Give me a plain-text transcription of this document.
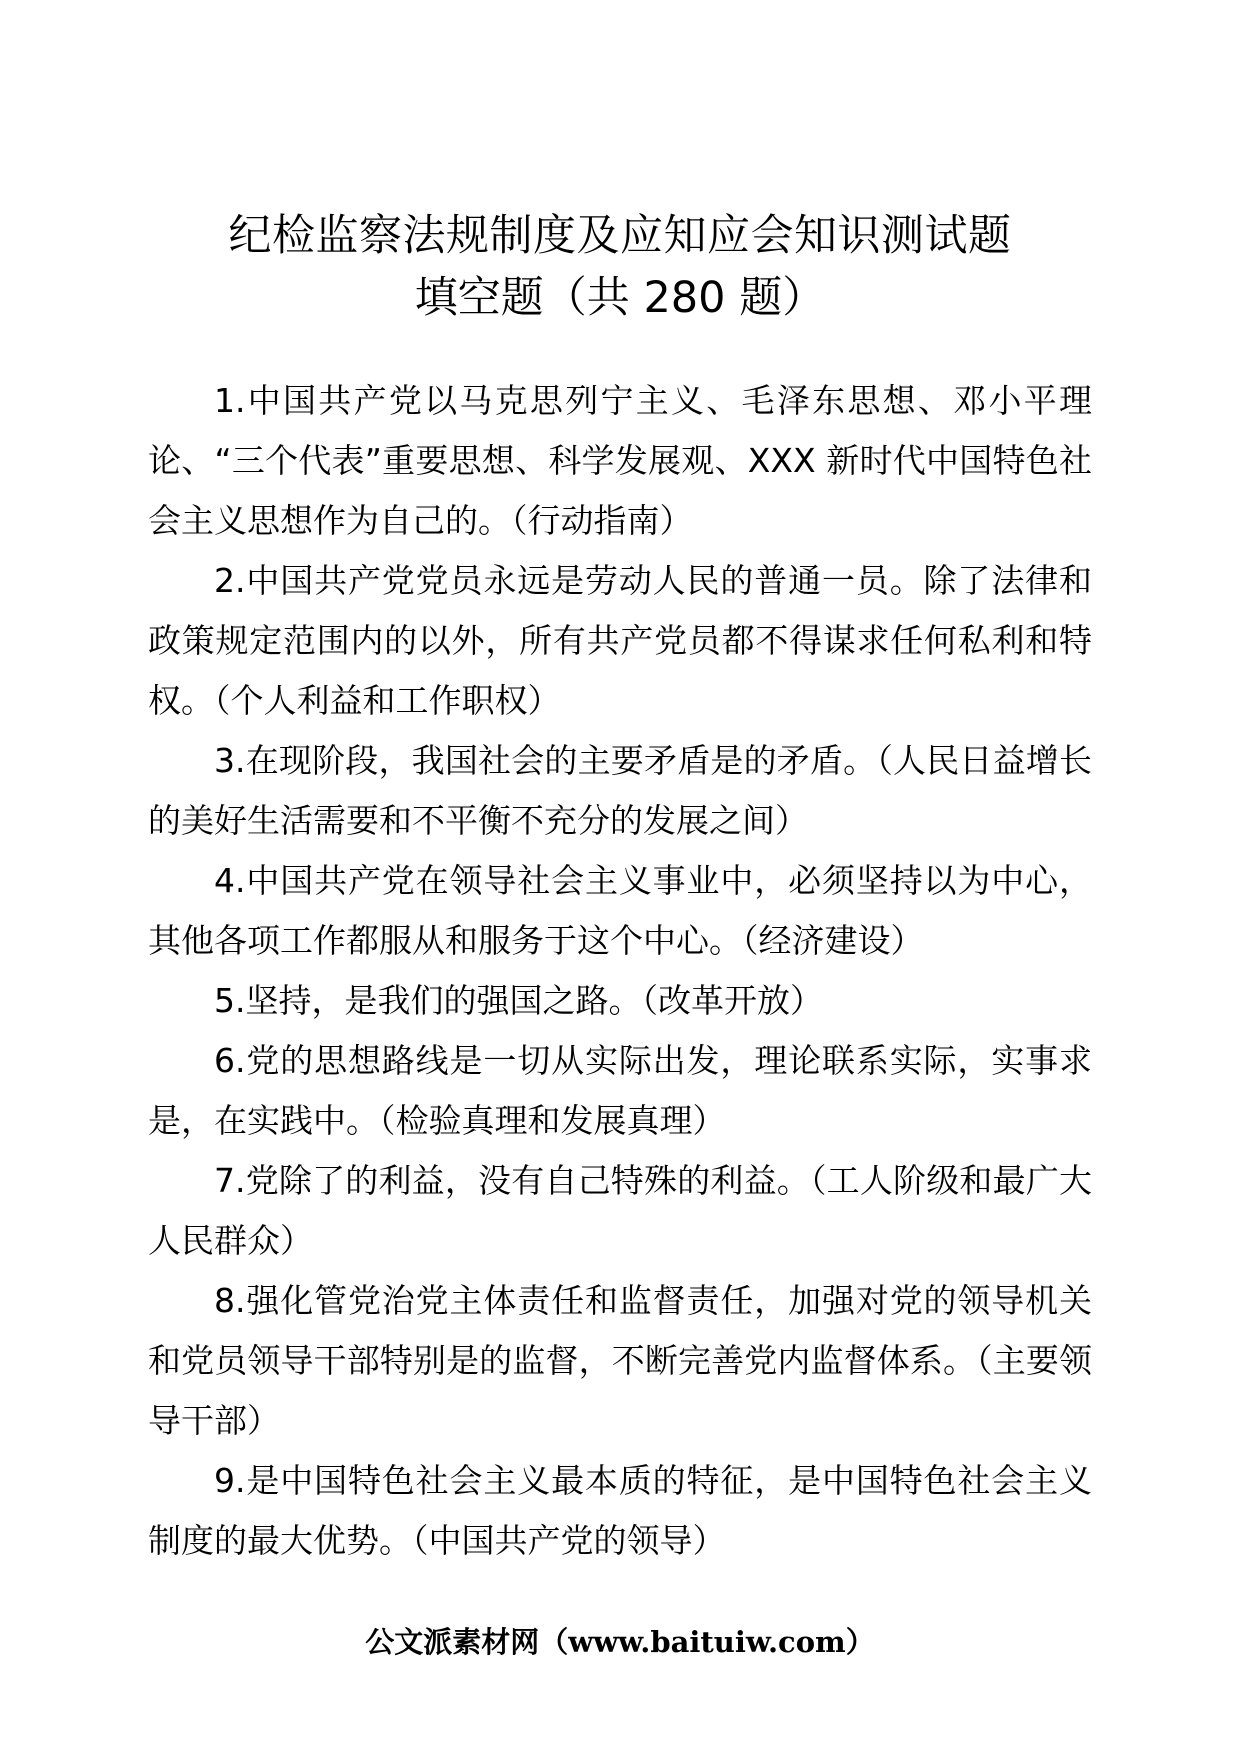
纪检监察法规制度及应知应会知识测试题
填空题（共 280 题）

1.中国共产党以马克思列宁主义、毛泽东思想、邓小平理论、“三个代表”重要思想、科学发展观、XXX 新时代中国特色社会主义思想作为自己的。（行动指南）

2.中国共产党党员永远是劳动人民的普通一员。除了法律和政策规定范围内的以外，所有共产党员都不得谋求任何私利和特权。（个人利益和工作职权）

3.在现阶段，我国社会的主要矛盾是的矛盾。（人民日益增长的美好生活需要和不平衡不充分的发展之间）

4.中国共产党在领导社会主义事业中，必须坚持以为中心，其他各项工作都服从和服务于这个中心。（经济建设）

5.坚持，是我们的强国之路。（改革开放）

6.党的思想路线是一切从实际出发，理论联系实际，实事求是，在实践中。（检验真理和发展真理）

7.党除了的利益，没有自己特殊的利益。（工人阶级和最广大人民群众）

8.强化管党治党主体责任和监督责任，加强对党的领导机关和党员领导干部特别是的监督，不断完善党内监督体系。（主要领导干部）

9.是中国特色社会主义最本质的特征，是中国特色社会主义制度的最大优势。（中国共产党的领导）

公文派素材网（www.baituiw.com）
